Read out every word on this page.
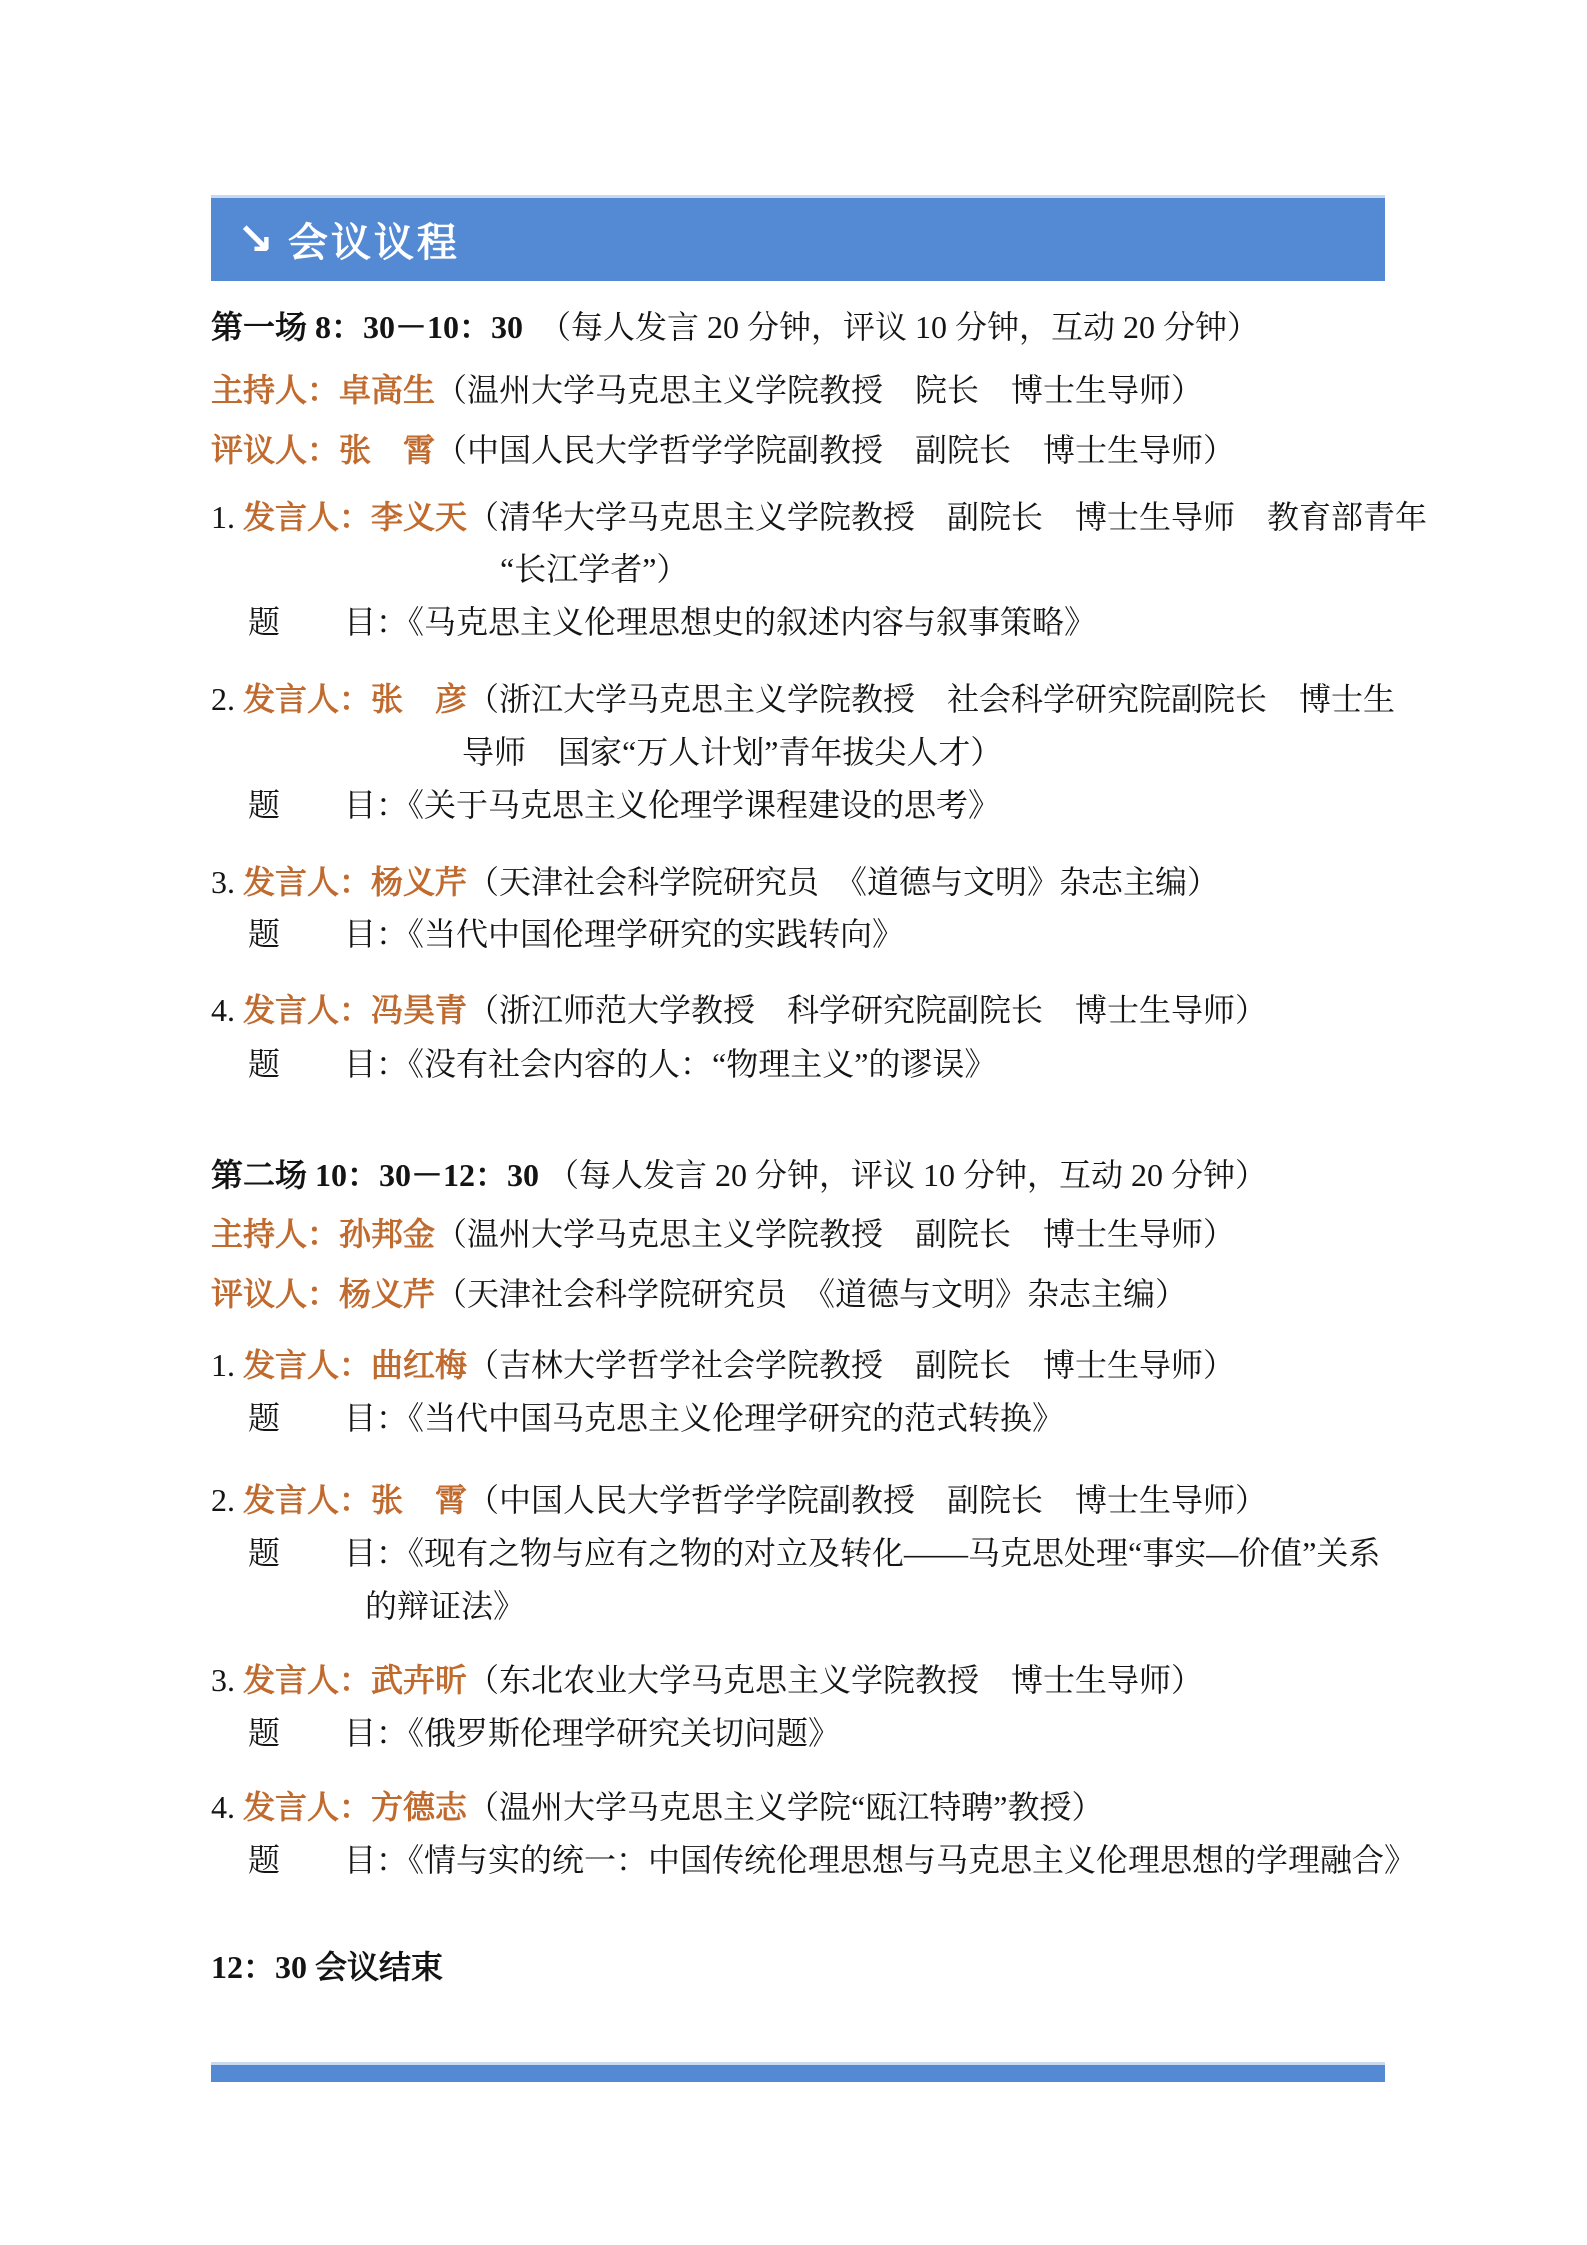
↘ 会议议程
第一场 8：30－10：30  （每人发言 20 分钟，评议 10 分钟，互动 20 分钟）
主持人：卓高生（温州大学马克思主义学院教授　院长　博士生导师）
评议人：张　霄（中国人民大学哲学学院副教授　副院长　博士生导师）
1. 发言人：李义天（清华大学马克思主义学院教授　副院长　博士生导师　教育部青年
“长江学者”）
题　　目：《马克思主义伦理思想史的叙述内容与叙事策略》
2. 发言人：张　彦（浙江大学马克思主义学院教授　社会科学研究院副院长　博士生
导师　国家“万人计划”青年拔尖人才）
题　　目：《关于马克思主义伦理学课程建设的思考》
3. 发言人：杨义芹（天津社会科学院研究员　《道德与文明》杂志主编）
题　　目：《当代中国伦理学研究的实践转向》
4. 发言人：冯昊青（浙江师范大学教授　科学研究院副院长　博士生导师）
题　　目：《没有社会内容的人：“物理主义”的谬误》
第二场 10：30－12：30 （每人发言 20 分钟，评议 10 分钟，互动 20 分钟）
主持人：孙邦金（温州大学马克思主义学院教授　副院长　博士生导师）
评议人：杨义芹（天津社会科学院研究员　《道德与文明》杂志主编）
1. 发言人：曲红梅（吉林大学哲学社会学院教授　副院长　博士生导师）
题　　目：《当代中国马克思主义伦理学研究的范式转换》
2. 发言人：张　霄（中国人民大学哲学学院副教授　副院长　博士生导师）
题　　目：《现有之物与应有之物的对立及转化——马克思处理“事实—价值”关系
的辩证法》
3. 发言人：武卉昕（东北农业大学马克思主义学院教授　博士生导师）
题　　目：《俄罗斯伦理学研究关切问题》
4. 发言人：方德志（温州大学马克思主义学院“瓯江特聘”教授）
题　　目：《情与实的统一：中国传统伦理思想与马克思主义伦理思想的学理融合》
12：30 会议结束
